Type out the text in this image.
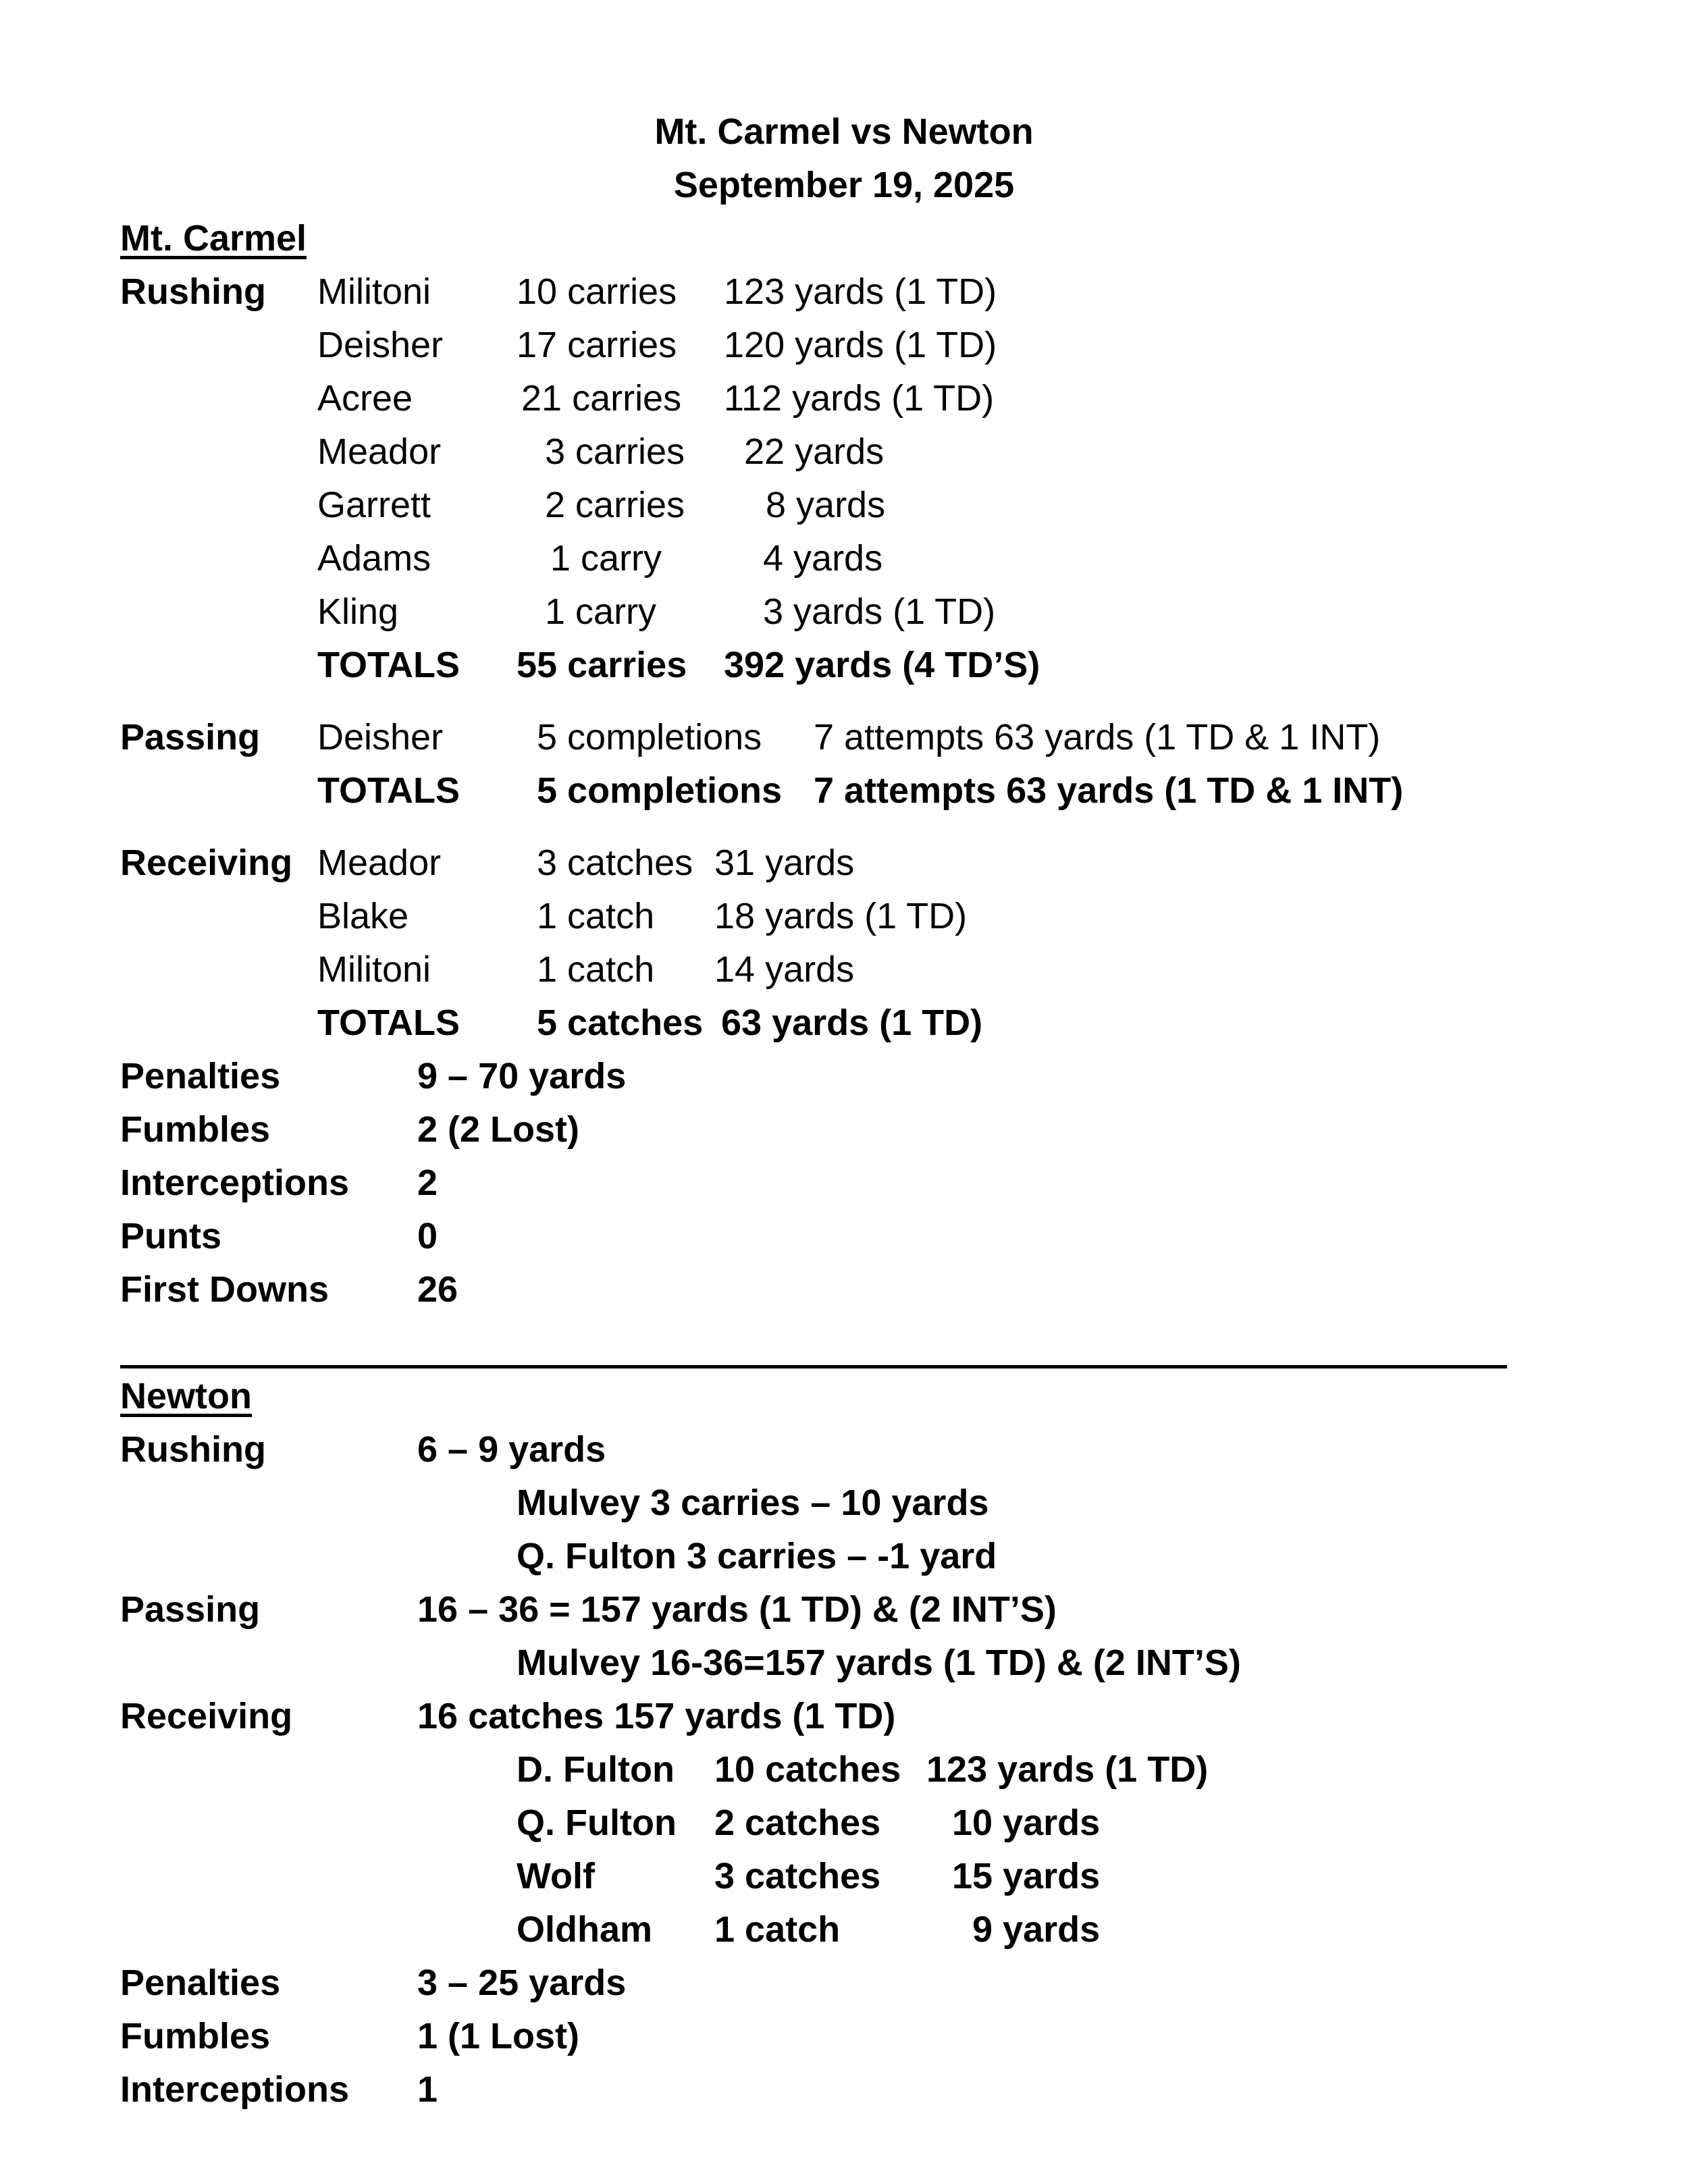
Mt. Carmel vs Newton
September 19, 2025
Mt. Carmel
Rushing Militoni 10 carries 123 yards (1 TD)
Deisher 17 carries 120 yards (1 TD)
Acree	21 carries 112 yards (1 TD)
Meador	3 carries 22 yards
Garrett	2 carries 8 yards
Adams	1 carry	4 yards
Kling	1 carry	3 yards (1 TD)
TOTALS 55 carries 392 yards (4 TD’S)
Passing Deisher	5 completions 7 attempts 63 yards (1 TD & 1 INT)
TOTALS 5 completions 7 attempts 63 yards (1 TD & 1 INT)
Receiving Meador	3 catches 31 yards
Blake	1 catch 18 yards (1 TD)
Militoni	1 catch 14 yards
TOTALS 5 catches 63 yards (1 TD)
Penalties	9 – 70 yards
Fumbles	2 (2 Lost)
Interceptions 2
Punts	0
First Downs 26
Newton
Rushing	6 – 9 yards
Mulvey 3 carries – 10 yards
Q. Fulton 3 carries – -1 yard
Passing	16 – 36 = 157 yards (1 TD) & (2 INT’S)
Mulvey 16-36=157 yards (1 TD) & (2 INT’S)
Receiving	16 catches 157 yards (1 TD)
D. Fulton 10 catches 123 yards (1 TD)
Q. Fulton 2 catches 10 yards
Wolf	3 catches 15 yards
Oldham 1 catch	9 yards
Penalties	3 – 25 yards
Fumbles	1 (1 Lost)
Interceptions 1
